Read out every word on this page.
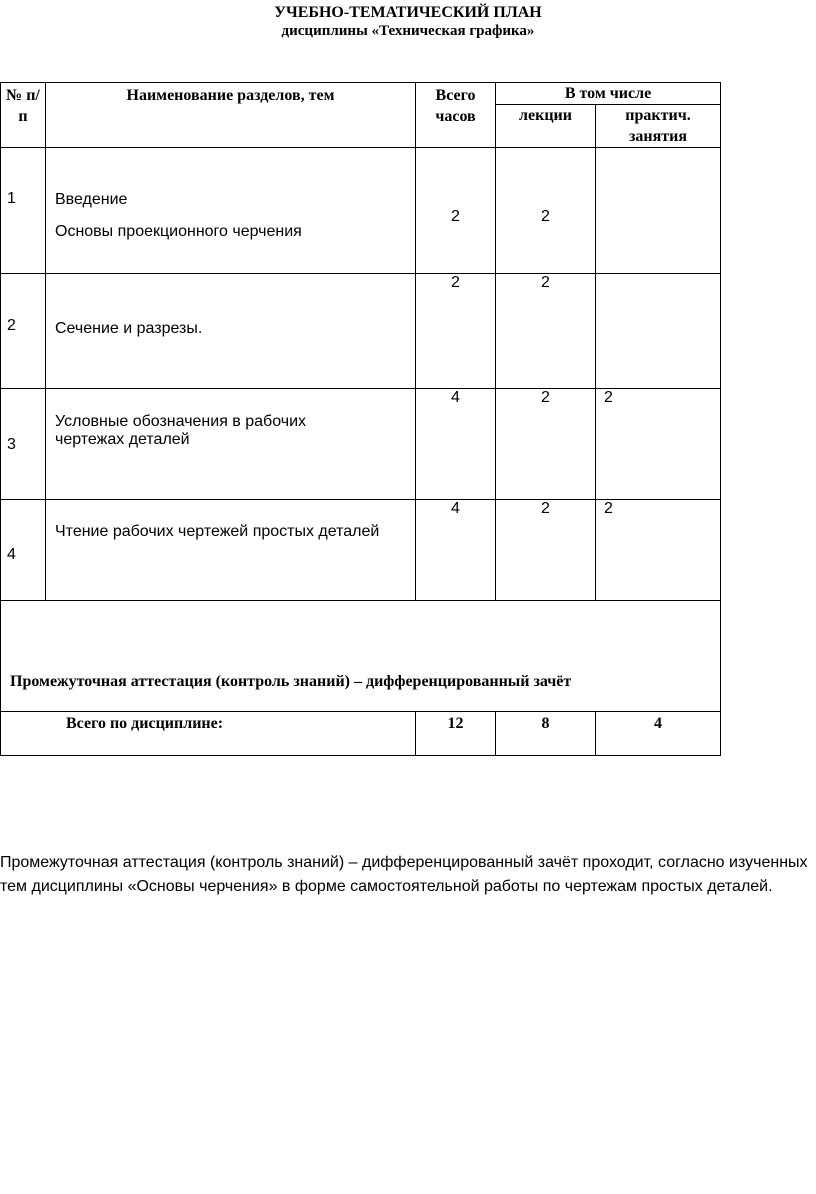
УЧЕБНО-ТЕМАТИЧЕСКИЙ ПЛАН
дисциплины «Техническая графика»
№ п/п	Наименование разделов, тем	Всего часов	В том числе	
			лекции	практич. занятия

1	Введение
Основы проекционного черчения	2	2	

2	Сечение и разрезы.	2	2	

3	Условные обозначения в рабочих
чертежах деталей	4	2	2

4	Чтение рабочих чертежей простых деталей	4	2	2

Промежуточная аттестация (контроль знаний) – дифференцированный зачёт				
Всего по дисциплине:		12	8	4
Промежуточная аттестация (контроль знаний) – дифференцированный зачёт проходит, согласно изученных тем дисциплины «Основы черчения» в форме самостоятельной работы по чертежам простых деталей.
